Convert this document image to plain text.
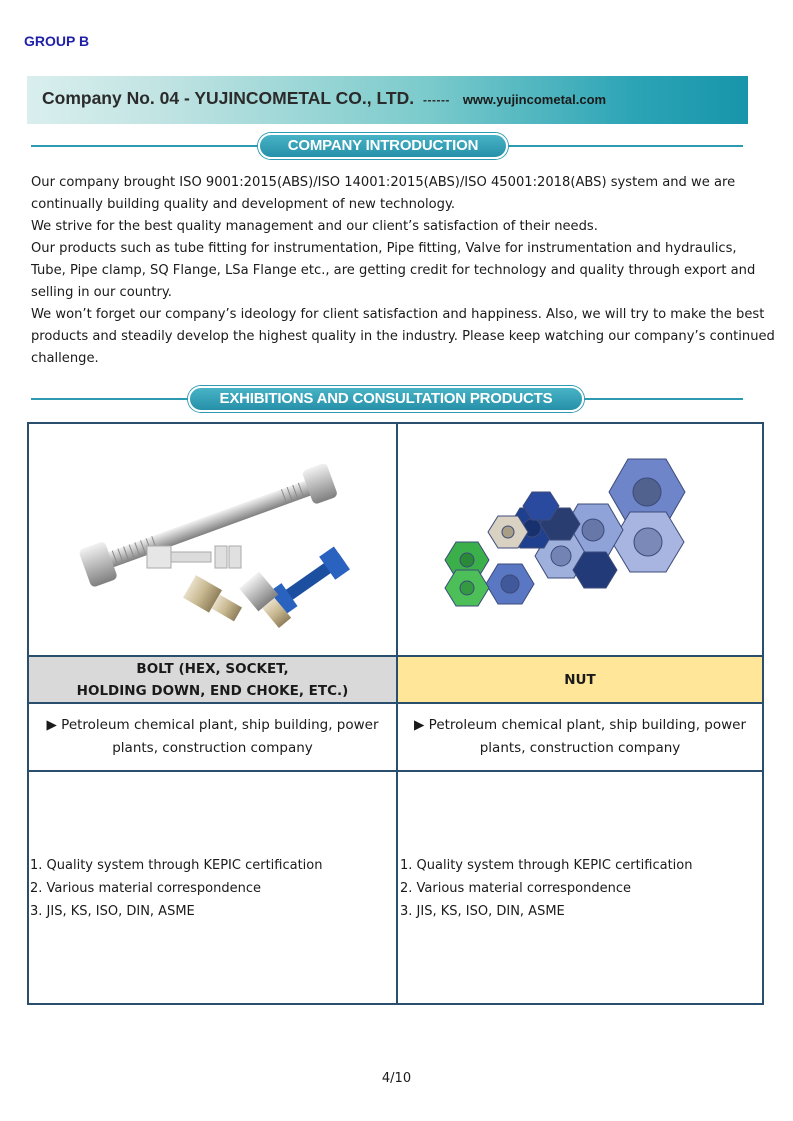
GROUP B
Company No. 04 - YUJINCOMETAL CO., LTD. ------ www.yujincometal.com
COMPANY INTRODUCTION

Our company brought ISO 9001:2015(ABS)/ISO 14001:2015(ABS)/ISO 45001:2018(ABS) system and we are

continually building quality and development of new technology.

We strive for the best quality management and our client’s satisfaction of their needs.

Our products such as tube fitting for instrumentation, Pipe fitting, Valve for instrumentation and hydraulics,

Tube, Pipe clamp, SQ Flange, LSa Flange etc., are getting credit for technology and quality through export and

selling in our country.

We won’t forget our company’s ideology for client satisfaction and happiness. Also, we will try to make the best

products and steadily develop the highest quality in the industry. Please keep watching our company’s continued

challenge.

EXHIBITIONS AND CONSULTATION PRODUCTS
BOLT (HEX, SOCKET,
HOLDING DOWN, END CHOKE, ETC.)
NUT
▶ Petroleum chemical plant, ship building, power
plants, construction company
▶ Petroleum chemical plant, ship building, power
plants, construction company
1. Quality system through KEPIC certification
2. Various material correspondence
3. JIS, KS, ISO, DIN, ASME
1. Quality system through KEPIC certification
2. Various material correspondence
3. JIS, KS, ISO, DIN, ASME
4/10
